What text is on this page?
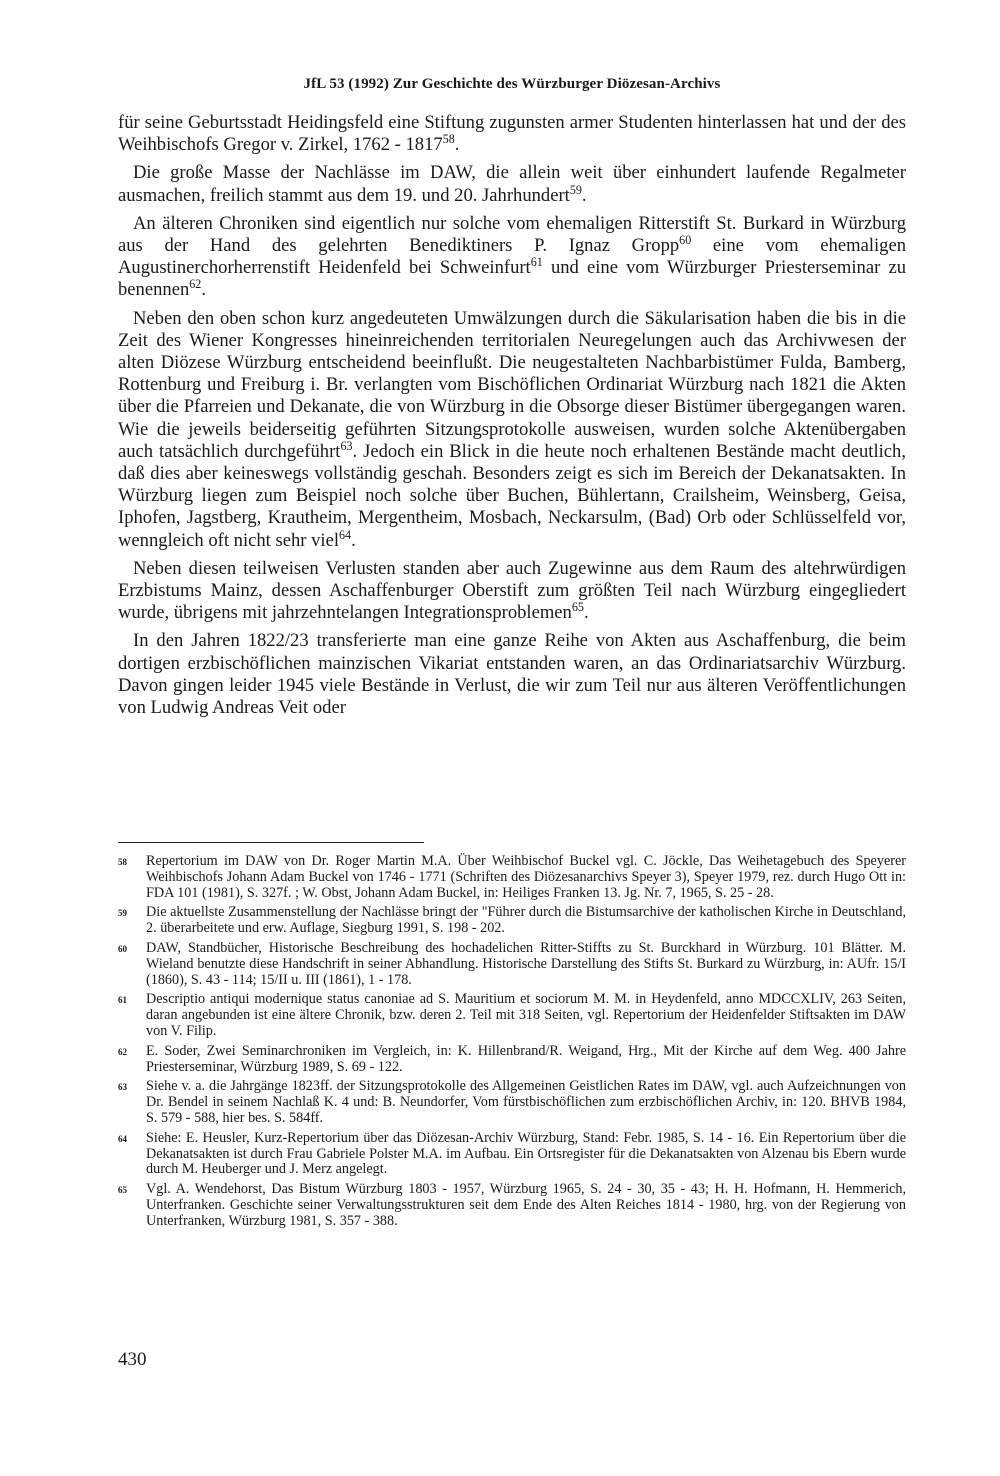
JfL 53 (1992) Zur Geschichte des Würzburger Diözesan-Archivs

für seine Geburtsstadt Heidingsfeld eine Stiftung zugunsten armer Studenten hinterlassen hat und der des Weihbischofs Gregor v. Zirkel, 1762 - 1817$^{58}$.

Die große Masse der Nachlässe im DAW, die allein weit über einhundert laufende Regalmeter ausmachen, freilich stammt aus dem 19. und 20. Jahrhundert$^{59}$.

An älteren Chroniken sind eigentlich nur solche vom ehemaligen Ritterstift St. Burkard in Würzburg aus der Hand des gelehrten Benediktiners P. Ignaz Gropp$^{60}$ eine vom ehemaligen Augustinerchorherrenstift Heidenfeld bei Schweinfurt$^{61}$ und eine vom Würzburger Priesterseminar zu benennen$^{62}$.

Neben den oben schon kurz angedeuteten Umwälzungen durch die Säkularisation haben die bis in die Zeit des Wiener Kongresses hineinreichenden territorialen Neuregelungen auch das Archivwesen der alten Diözese Würzburg entscheidend beeinflußt. Die neugestalteten Nachbarbistümer Fulda, Bamberg, Rottenburg und Freiburg i. Br. verlangten vom Bischöflichen Ordinariat Würzburg nach 1821 die Akten über die Pfarreien und Dekanate, die von Würzburg in die Obsorge dieser Bistümer übergegangen waren. Wie die jeweils beiderseitig geführten Sitzungsprotokolle ausweisen, wurden solche Aktenübergaben auch tatsächlich durchgeführt$^{63}$. Jedoch ein Blick in die heute noch erhaltenen Bestände macht deutlich, daß dies aber keineswegs vollständig geschah. Besonders zeigt es sich im Bereich der Dekanatsakten. In Würzburg liegen zum Beispiel noch solche über Buchen, Bühlertann, Crailsheim, Weinsberg, Geisa, Iphofen, Jagstberg, Krautheim, Mergentheim, Mosbach, Neckarsulm, (Bad) Orb oder Schlüsselfeld vor, wenngleich oft nicht sehr viel$^{64}$.

Neben diesen teilweisen Verlusten standen aber auch Zugewinne aus dem Raum des altehrwürdigen Erzbistums Mainz, dessen Aschaffenburger Oberstift zum größten Teil nach Würzburg eingegliedert wurde, übrigens mit jahrzehntelangen Integrationsproblemen$^{65}$.

In den Jahren 1822/23 transferierte man eine ganze Reihe von Akten aus Aschaffenburg, die beim dortigen erzbischöflichen mainzischen Vikariat entstanden waren, an das Ordinariatsarchiv Würzburg. Davon gingen leider 1945 viele Bestände in Verlust, die wir zum Teil nur aus älteren Veröffentlichungen von Ludwig Andreas Veit oder

58 Repertorium im DAW von Dr. Roger Martin M.A. Über Weihbischof Buckel vgl. C. Jöckle, Das Weihetagebuch des Speyerer Weihbischofs Johann Adam Buckel von 1746 - 1771 (Schriften des Diözesanarchivs Speyer 3), Speyer 1979, rez. durch Hugo Ott in: FDA 101 (1981), S. 327f. ; W. Obst, Johann Adam Buckel, in: Heiliges Franken 13. Jg. Nr. 7, 1965, S. 25 - 28.
59 Die aktuellste Zusammenstellung der Nachlässe bringt der "Führer durch die Bistumsarchive der katholischen Kirche in Deutschland, 2. überarbeitete und erw. Auflage, Siegburg 1991, S. 198 - 202.
60 DAW, Standbücher, Historische Beschreibung des hochadelichen Ritter-Stiffts zu St. Burckhard in Würzburg. 101 Blätter. M. Wieland benutzte diese Handschrift in seiner Abhandlung. Historische Darstellung des Stifts St. Burkard zu Würzburg, in: AUfr. 15/I (1860), S. 43 - 114; 15/II u. III (1861), 1 - 178.
61 Descriptio antiqui modernique status canoniae ad S. Mauritium et sociorum M. M. in Heydenfeld, anno MDCCXLIV, 263 Seiten, daran angebunden ist eine ältere Chronik, bzw. deren 2. Teil mit 318 Seiten, vgl. Repertorium der Heidenfelder Stiftsakten im DAW von V. Filip.
62 E. Soder, Zwei Seminarchroniken im Vergleich, in: K. Hillenbrand/R. Weigand, Hrg., Mit der Kirche auf dem Weg. 400 Jahre Priesterseminar, Würzburg 1989, S. 69 - 122.
63 Siehe v. a. die Jahrgänge 1823ff. der Sitzungsprotokolle des Allgemeinen Geistlichen Rates im DAW, vgl. auch Aufzeichnungen von Dr. Bendel in seinem Nachlaß K. 4 und: B. Neundorfer, Vom fürstbischöflichen zum erzbischöflichen Archiv, in: 120. BHVB 1984, S. 579 - 588, hier bes. S. 584ff.
64 Siehe: E. Heusler, Kurz-Repertorium über das Diözesan-Archiv Würzburg, Stand: Febr. 1985, S. 14 - 16. Ein Repertorium über die Dekanatsakten ist durch Frau Gabriele Polster M.A. im Aufbau. Ein Ortsregister für die Dekanatsakten von Alzenau bis Ebern wurde durch M. Heuberger und J. Merz angelegt.
65 Vgl. A. Wendehorst, Das Bistum Würzburg 1803 - 1957, Würzburg 1965, S. 24 - 30, 35 - 43; H. H. Hofmann, H. Hemmerich, Unterfranken. Geschichte seiner Verwaltungsstrukturen seit dem Ende des Alten Reiches 1814 - 1980, hrg. von der Regierung von Unterfranken, Würzburg 1981, S. 357 - 388.
430
